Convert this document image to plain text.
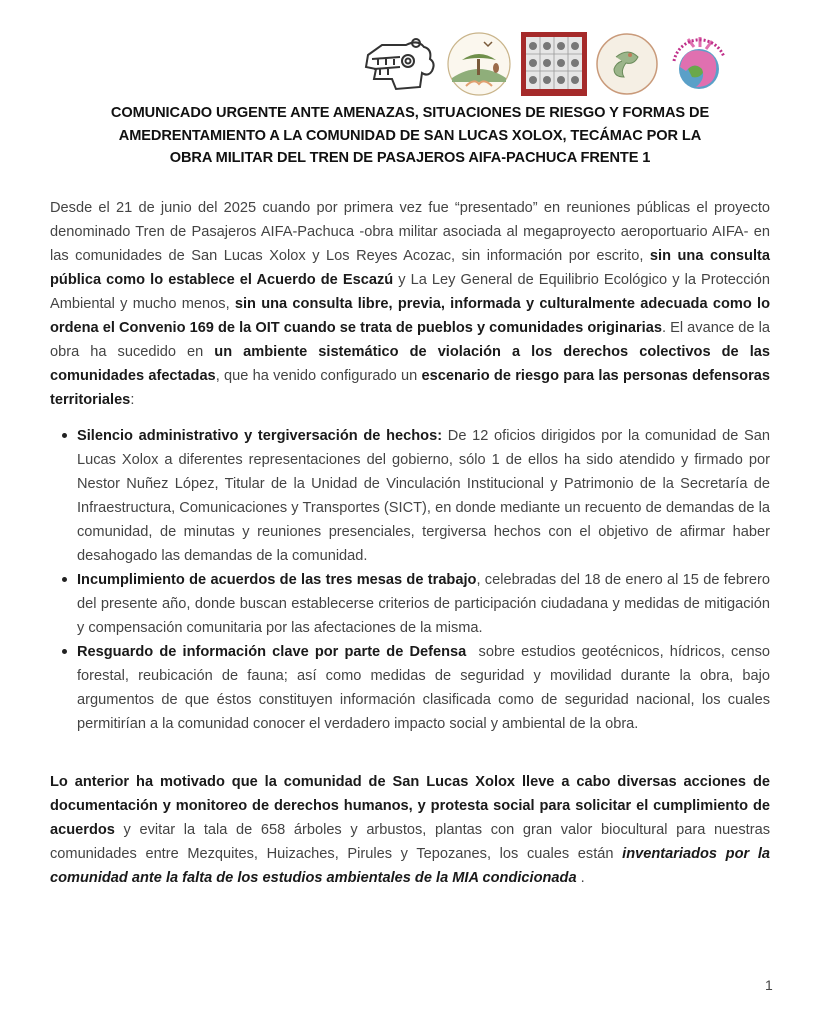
COMUNICADO URGENTE ANTE AMENAZAS, SITUACIONES DE RIESGO Y FORMAS DE
AMEDRENTAMIENTO A LA COMUNIDAD DE SAN LUCAS XOLOX, TECÁMAC POR LA
OBRA MILITAR DEL TREN DE PASAJEROS AIFA-PACHUCA FRENTE 1

Desde el 21 de junio del 2025 cuando por primera vez fue “presentado” en reuniones públicas el proyecto denominado Tren de Pasajeros AIFA-Pachuca -obra militar asociada al megaproyecto aeroportuario AIFA- en las comunidades de San Lucas Xolox y Los Reyes Acozac, sin información por escrito, sin una consulta pública como lo establece el Acuerdo de Escazú y La Ley General de Equilibrio Ecológico y la Protección Ambiental y mucho menos, sin una consulta libre, previa, informada y culturalmente adecuada como lo ordena el Convenio 169 de la OIT cuando se trata de pueblos y comunidades originarias. El avance de la obra ha sucedido en un ambiente sistemático de violación a los derechos colectivos de las comunidades afectadas, que ha venido configurado un escenario de riesgo para las personas defensoras territoriales:

Silencio administrativo y tergiversación de hechos: De 12 oficios dirigidos por la comunidad de San Lucas Xolox a diferentes representaciones del gobierno, sólo 1 de ellos ha sido atendido y firmado por Nestor Nuñez López, Titular de la Unidad de Vinculación Institucional y Patrimonio de la Secretaría de Infraestructura, Comunicaciones y Transportes (SICT), en donde mediante un recuento de demandas de la comunidad, de minutas y reuniones presenciales, tergiversa hechos con el objetivo de afirmar haber desahogado las demandas de la comunidad.
Incumplimiento de acuerdos de las tres mesas de trabajo, celebradas del 18 de enero al 15 de febrero del presente año, donde buscan establecerse criterios de participación ciudadana y medidas de mitigación y compensación comunitaria por las afectaciones de la misma.
Resguardo de información clave por parte de Defensa  sobre estudios geotécnicos, hídricos, censo forestal, reubicación de fauna; así como medidas de seguridad y movilidad durante la obra, bajo argumentos de que éstos constituyen información clasificada como de seguridad nacional, los cuales permitirían a la comunidad conocer el verdadero impacto social y ambiental de la obra.

Lo anterior ha motivado que la comunidad de San Lucas Xolox lleve a cabo diversas acciones de documentación y monitoreo de derechos humanos, y protesta social para solicitar el cumplimiento de acuerdos y evitar la tala de 658 árboles y arbustos, plantas con gran valor biocultural para nuestras comunidades entre Mezquites, Huizaches, Pirules y Tepozanes, los cuales están inventariados por la comunidad ante la falta de los estudios ambientales de la MIA condicionada .

1
